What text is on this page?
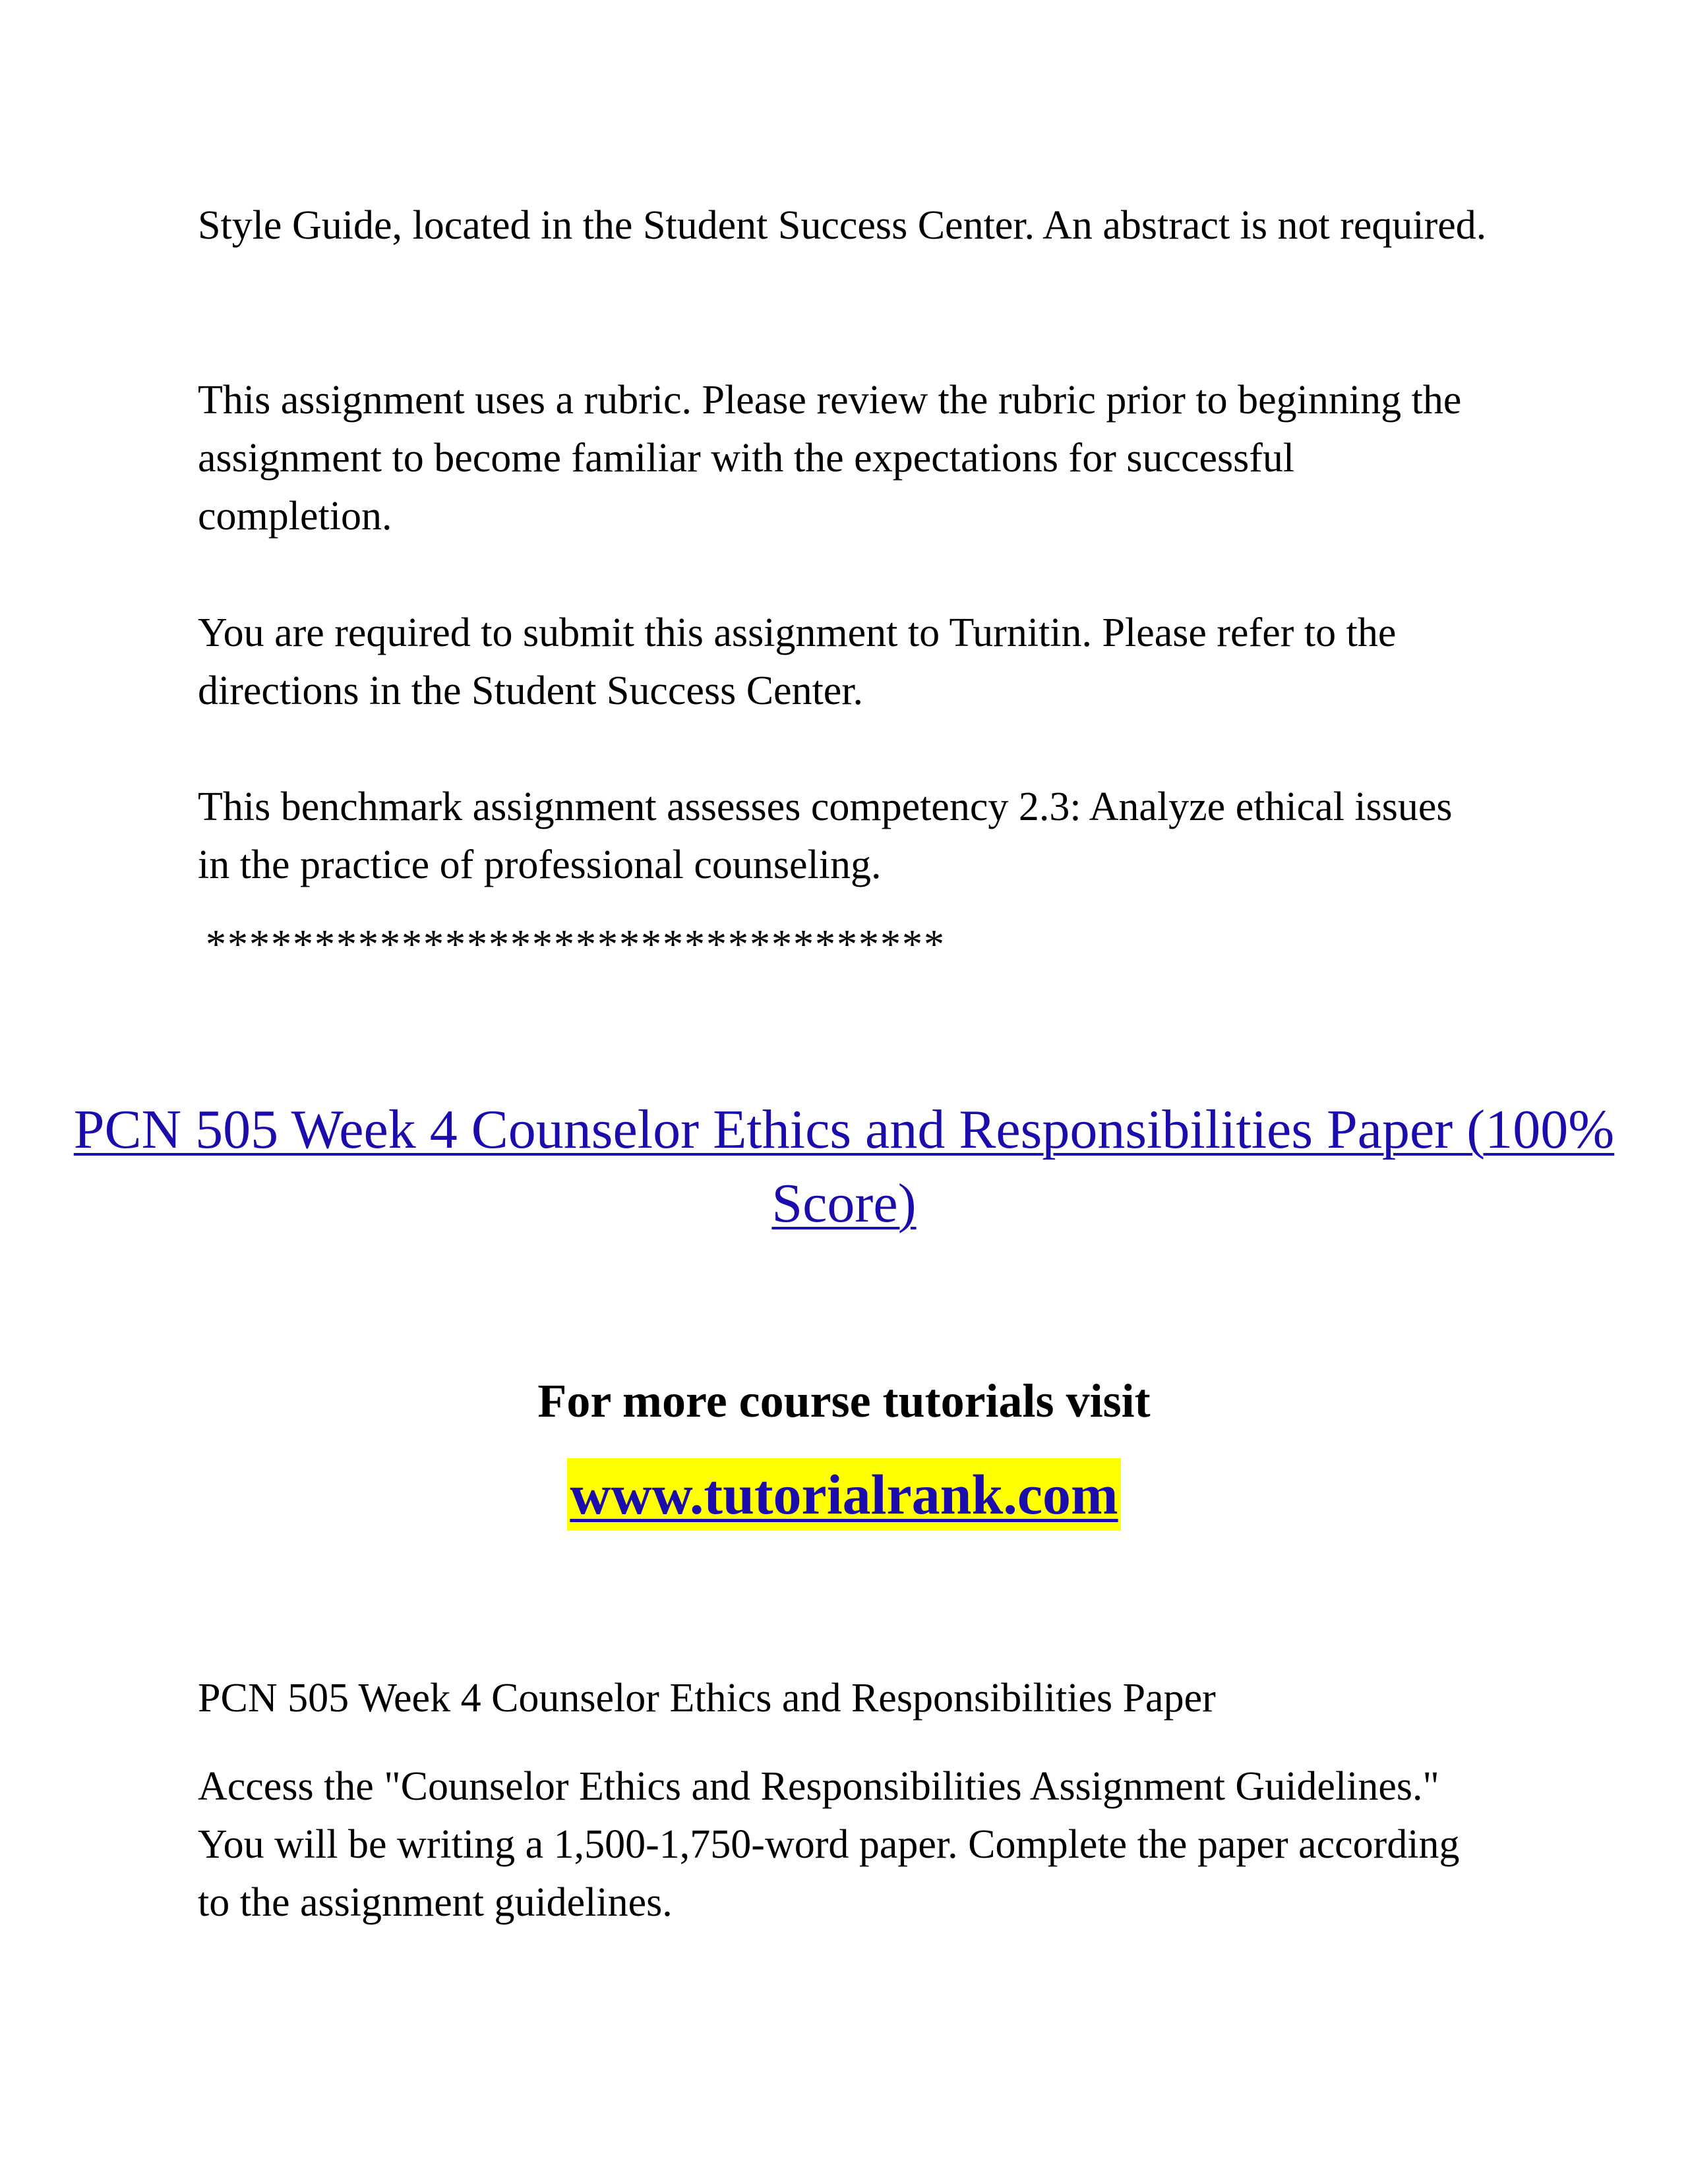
Style Guide, located in the Student Success Center. An abstract is not required.

This assignment uses a rubric. Please review the rubric prior to beginning the assignment to become familiar with the expectations for successful completion.

You are required to submit this assignment to Turnitin. Please refer to the directions in the Student Success Center.

This benchmark assignment assesses competency 2.3: Analyze ethical issues in the practice of professional counseling.

**********************************
PCN 505 Week 4 Counselor Ethics and Responsibilities Paper (100% Score)
For more course tutorials visit
www.tutorialrank.com

PCN 505 Week 4 Counselor Ethics and Responsibilities Paper

Access the "Counselor Ethics and Responsibilities Assignment Guidelines." You will be writing a 1,500-1,750-word paper. Complete the paper according to the assignment guidelines.
